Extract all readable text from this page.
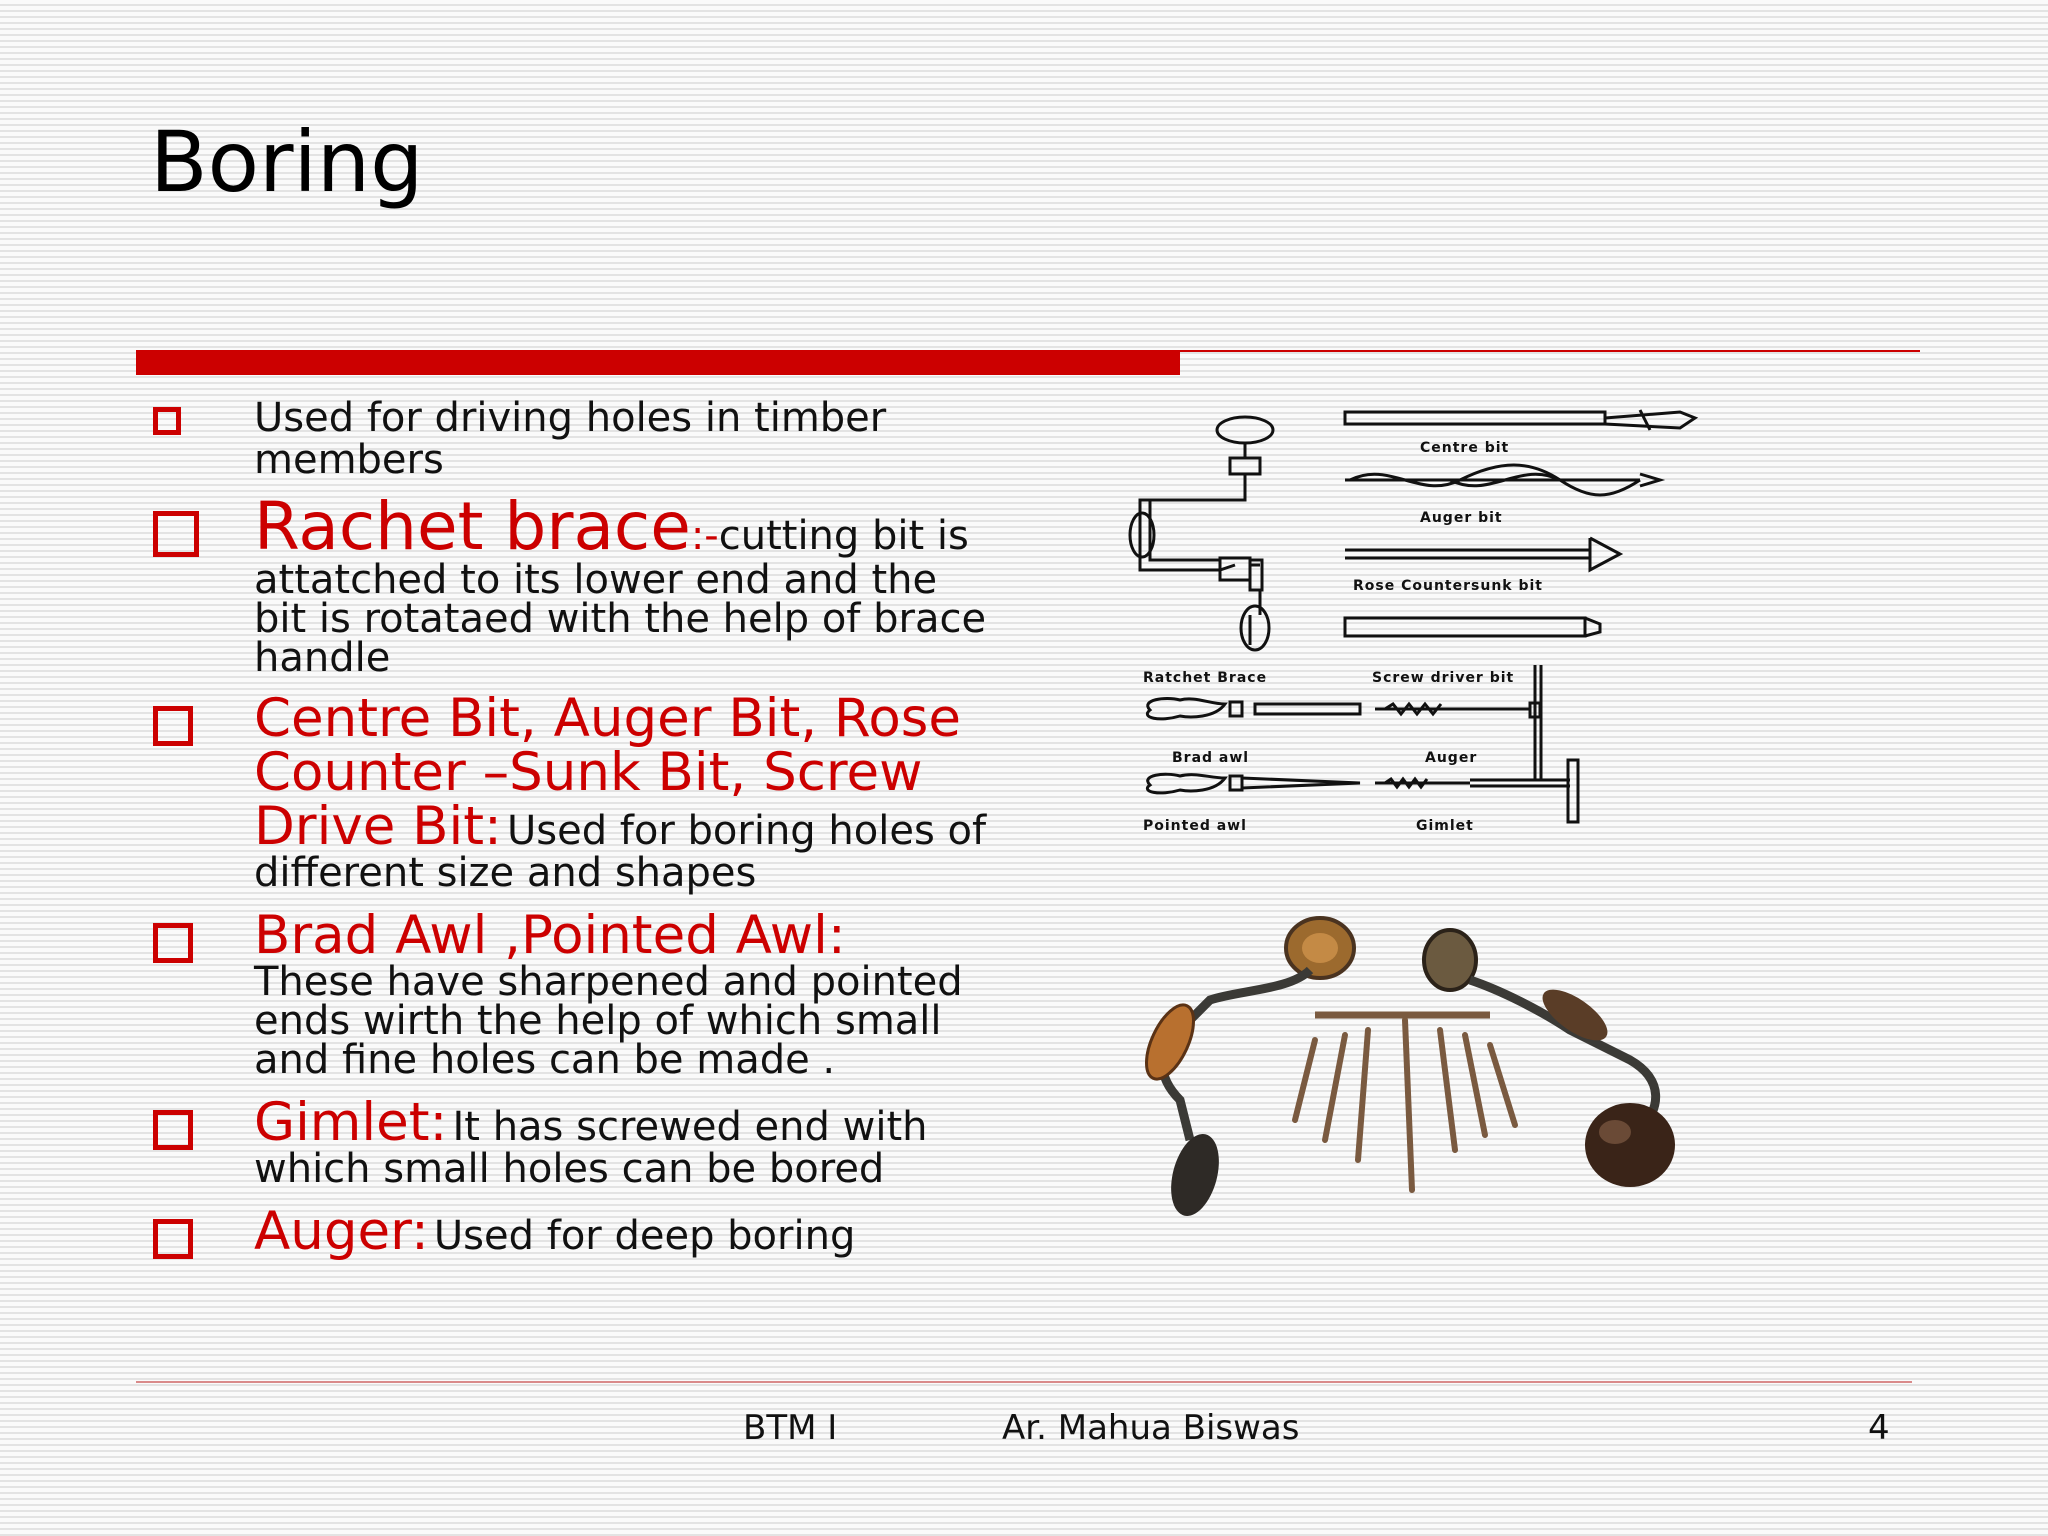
Boring
Used for driving holes in timber members
Rachet brace:-cutting bit is attatched to its lower end and the bit is rotataed with the help of brace handle
Centre Bit, Auger Bit, Rose Counter –Sunk Bit, Screw Drive Bit: Used for boring holes of different size and shapes
Brad Awl ,Pointed Awl:
These have sharpened and pointed ends wirth the help of which small and fine holes can be made .
Gimlet: It has screwed end with which small holes can be bored
Auger: Used for deep boring
Centre bit
Auger bit
Rose Countersunk bit
Ratchet Brace	Screw driver bit
Brad awl	Auger
Pointed awl	Gimlet
BTM I	Ar. Mahua Biswas	4
